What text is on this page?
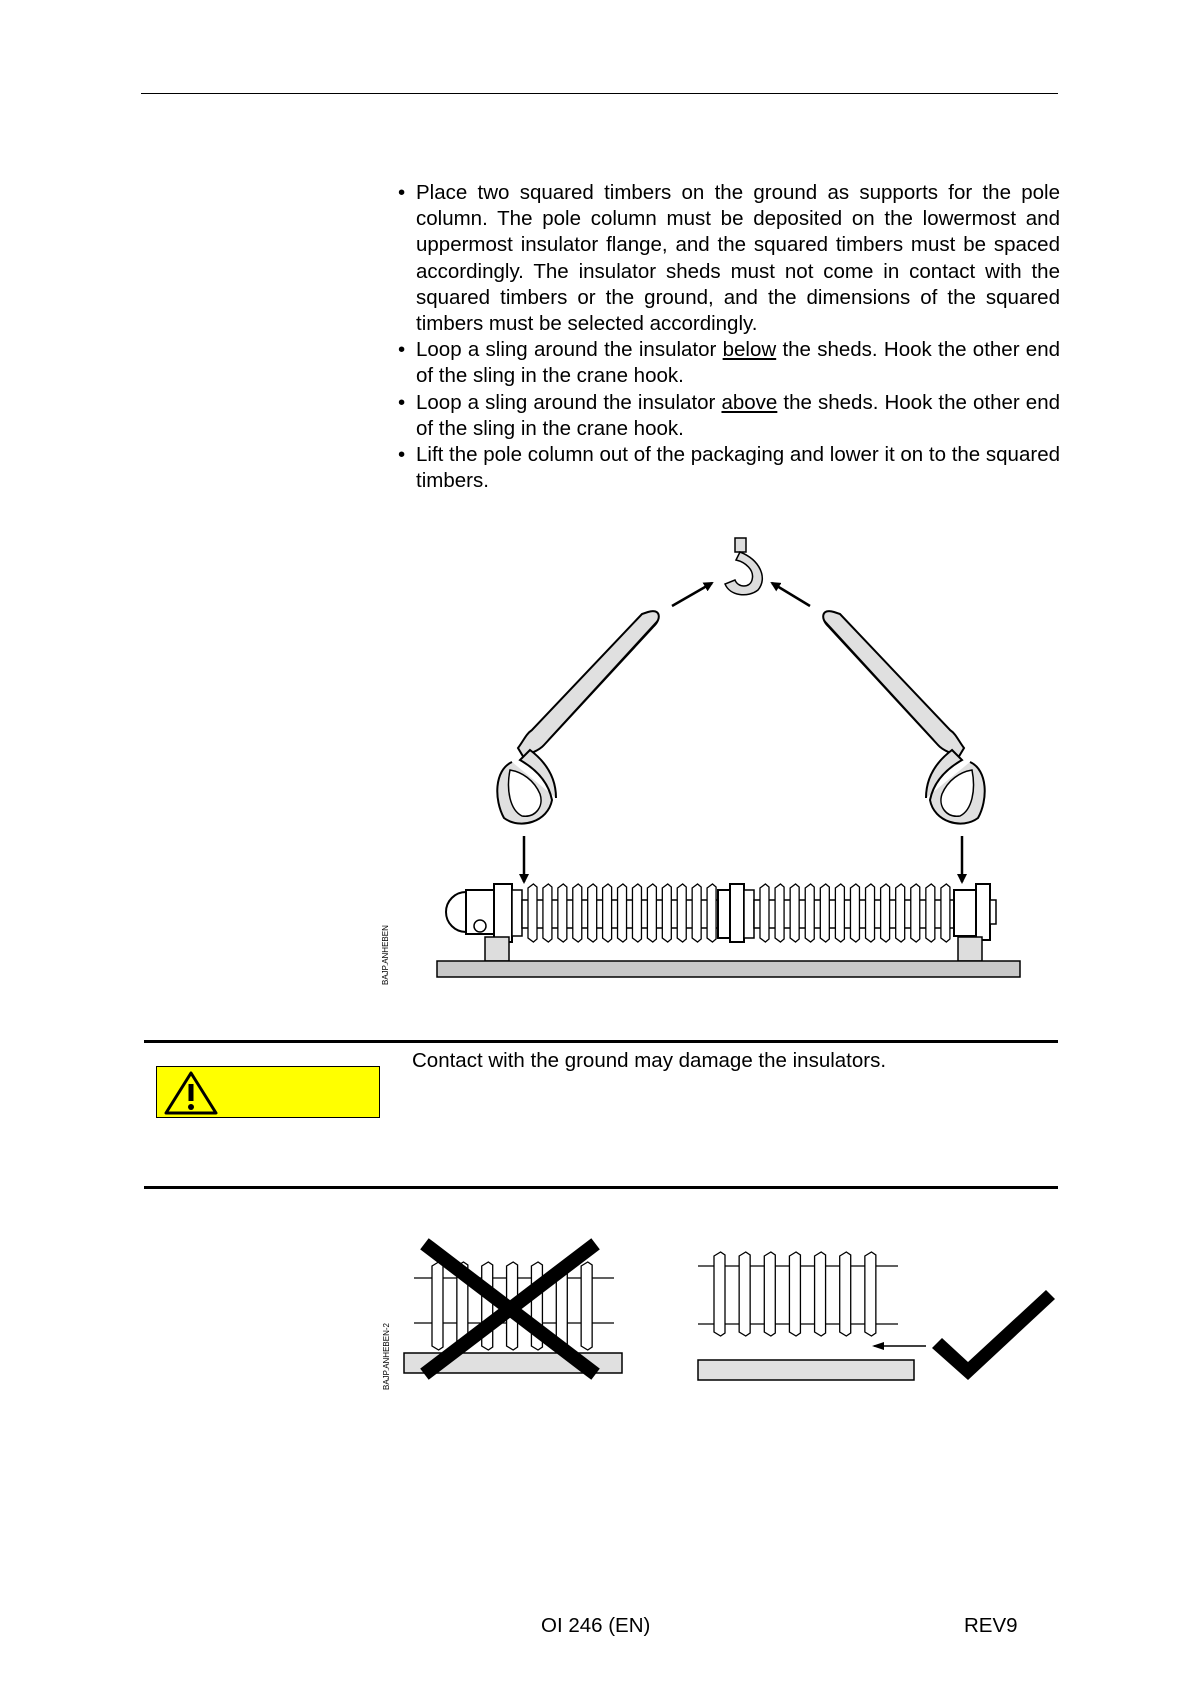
• Place two squared timbers on the ground as supports for the pole column. The pole column must be deposited on the lowermost and uppermost insulator flange, and the squared timbers must be spaced accordingly. The insulator sheds must not come in contact with the squared timbers or the ground, and the dimensions of the squared timbers must be selected accordingly.
• Loop a sling around the insulator below the sheds. Hook the other end of the sling in the crane hook.
• Loop a sling around the insulator above the sheds. Hook the other end of the sling in the crane hook.
• Lift the pole column out of the packaging and lower it on to the squared timbers.
BAJP.ANHEBEN
Contact with the ground may damage the insulators.
BAJP.ANHEBEN-2
OI 246 (EN)	REV9
